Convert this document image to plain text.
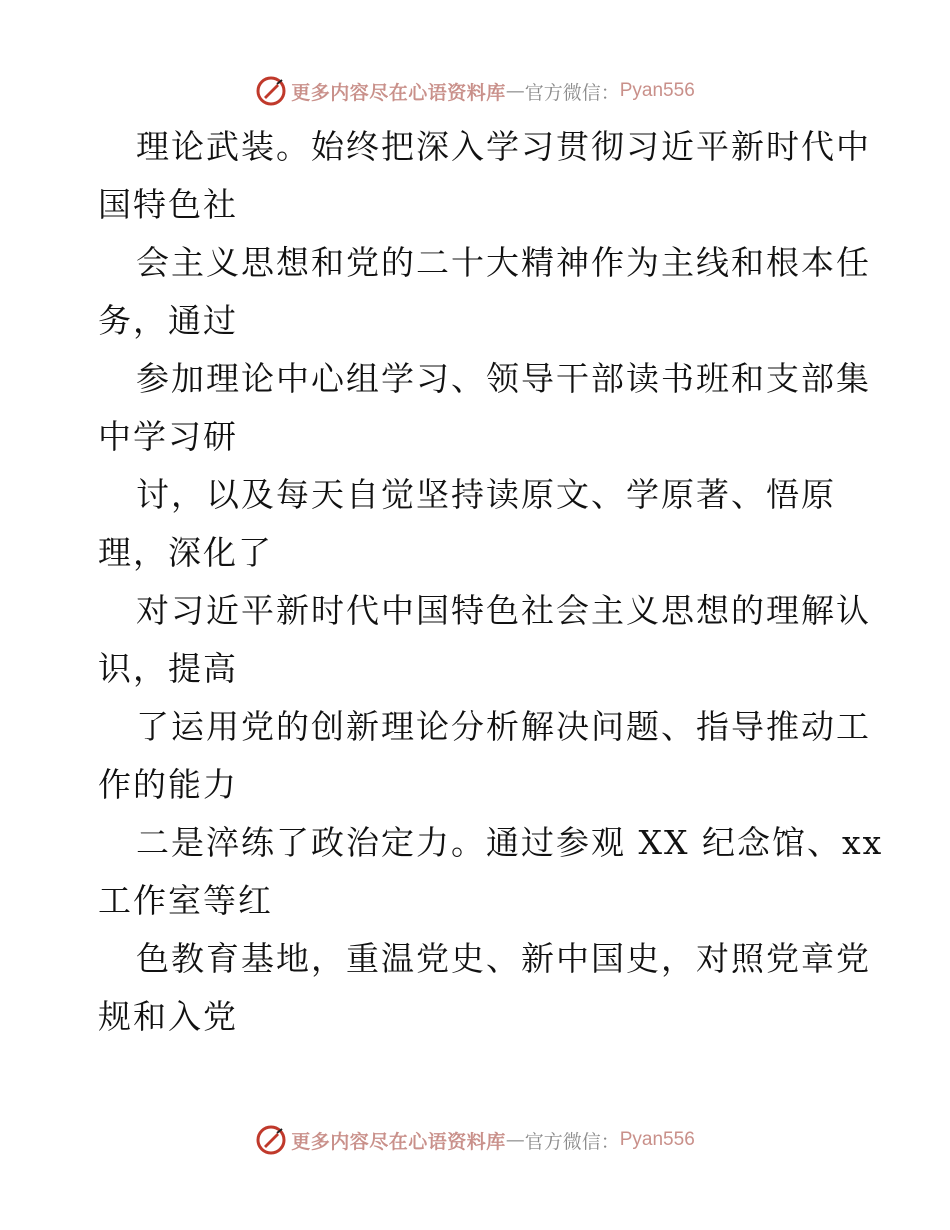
更多内容尽在心语资料库 — 官方微信： Pyan556
理论武装。始终把深入学习贯彻习近平新时代中
国特色社
会主义思想和党的二十大精神作为主线和根本任
务，通过
参加理论中心组学习、领导干部读书班和支部集
中学习研
讨，以及每天自觉坚持读原文、学原著、悟原
理，深化了
对习近平新时代中国特色社会主义思想的理解认
识，提高
了运用党的创新理论分析解决问题、指导推动工
作的能力
二是淬练了政治定力。通过参观 XX 纪念馆、xx
工作室等红
色教育基地，重温党史、新中国史，对照党章党
规和入党
更多内容尽在心语资料库 — 官方微信： Pyan556
